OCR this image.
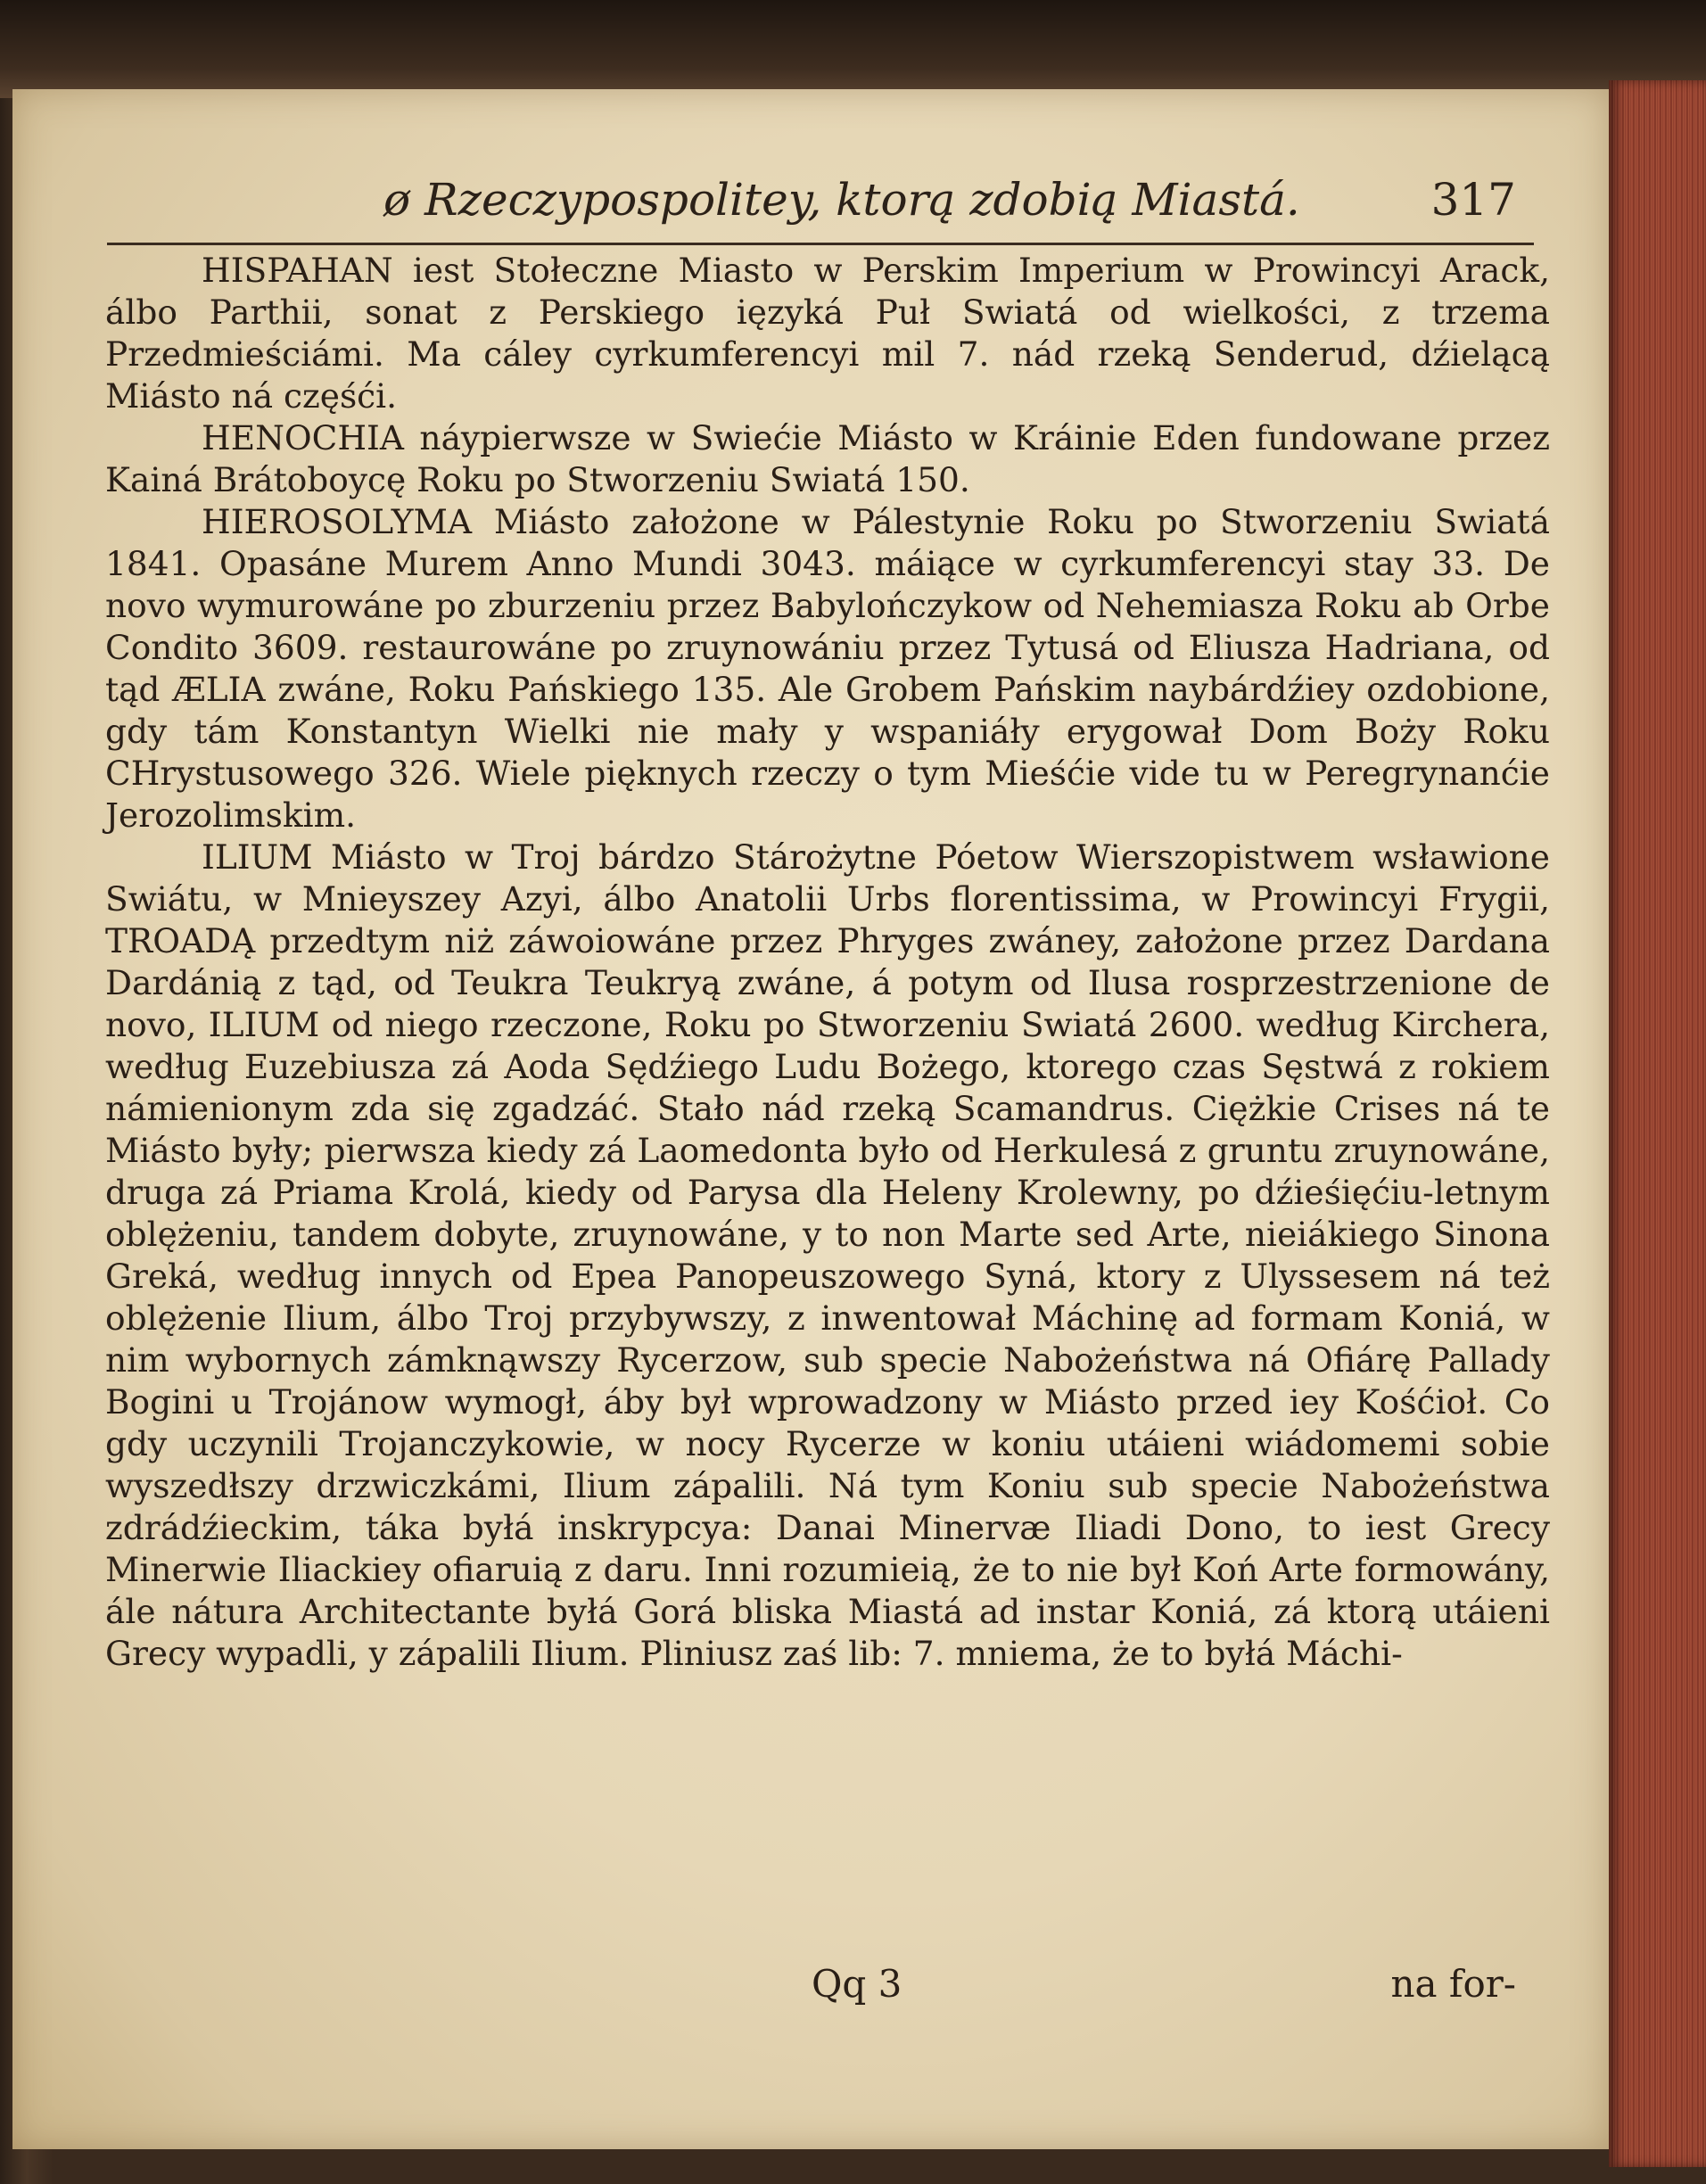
ø Rzeczypospolitey, ktorą zdobią Miastá.	317

HISPAHAN iest Stołeczne Miasto w Perskim Imperium w Prowincyi Arack, álbo Parthii, sonat z Perskiego ięzyká Puł Swiatá od wielkości, z trzema Przedmieściámi. Ma cáley cyrkumferencyi mil 7. nád rzeką Senderud, dźielącą Miásto ná częśći.

HENOCHIA náypierwsze w Swiećie Miásto w Kráinie Eden fundowane przez Kainá Brátoboycę Roku po Stworzeniu Swiatá 150.

HIEROSOLYMA Miásto założone w Pálestynie Roku po Stworzeniu Swiatá 1841. Opasáne Murem Anno Mundi 3043. máiące w cyrkumferencyi stay 33. De novo wymurowáne po zburzeniu przez Babylończykow od Nehemiasza Roku ab Orbe Condito 3609. restaurowáne po zruynowániu przez Tytusá od Eliusza Hadriana, od tąd ÆLIA zwáne, Roku Pańskiego 135. Ale Grobem Pańskim naybárdźiey ozdobione, gdy tám Konstantyn Wielki nie mały y wspaniáły erygował Dom Boży Roku CHrystusowego 326. Wiele pięknych rzeczy o tym Mieśćie vide tu w Peregrynanćie Jerozolimskim.

ILIUM Miásto w Troj bárdzo Stárożytne Póetow Wierszopistwem wsławione Swiátu, w Mnieyszey Azyi, álbo Anatolii Urbs florentissima, w Prowincyi Frygii, TROADĄ przedtym niż záwoiowáne przez Phryges zwáney, założone przez Dardana Dardánią z tąd, od Teukra Teukryą zwáne, á potym od Ilusa rosprzestrzenione de novo, ILIUM od niego rzeczone, Roku po Stworzeniu Swiatá 2600. według Kirchera, według Euzebiusza zá Aoda Sędźiego Ludu Bożego, ktorego czas Sęstwá z rokiem námienionym zda się zgadzáć. Stało nád rzeką Scamandrus. Ciężkie Crises ná te Miásto były; pierwsza kiedy zá Laomedonta było od Herkulesá z gruntu zruynowáne, druga zá Priama Krolá, kiedy od Parysa dla Heleny Krolewny, po dźieśięćiu-letnym oblężeniu, tandem dobyte, zruynowáne, y to non Marte sed Arte, nieiákiego Sinona Greká, według innych od Epea Panopeuszowego Syná, ktory z Ulyssesem ná też oblężenie Ilium, álbo Troj przybywszy, z inwentował Máchinę ad formam Koniá, w nim wybornych zámknąwszy Rycerzow, sub specie Nabożeństwa ná Ofiárę Pallady Bogini u Trojánow wymogł, áby był wprowadzony w Miásto przed iey Kośćioł. Co gdy uczynili Trojanczykowie, w nocy Rycerze w koniu utáieni wiádomemi sobie wyszedłszy drzwiczkámi, Ilium zápalili. Ná tym Koniu sub specie Nabożeństwa zdrádźieckim, táka byłá inskrypcya: Danai Minervæ Iliadi Dono, to iest Grecy Minerwie Iliackiey ofiaruią z daru. Inni rozumieią, że to nie był Koń Arte formowány, ále nátura Architectante byłá Gorá bliska Miastá ad instar Koniá, zá ktorą utáieni Grecy wypadli, y zápalili Ilium. Pliniusz zaś lib: 7. mniema, że to byłá Máchi-

Qq 3	na for-
